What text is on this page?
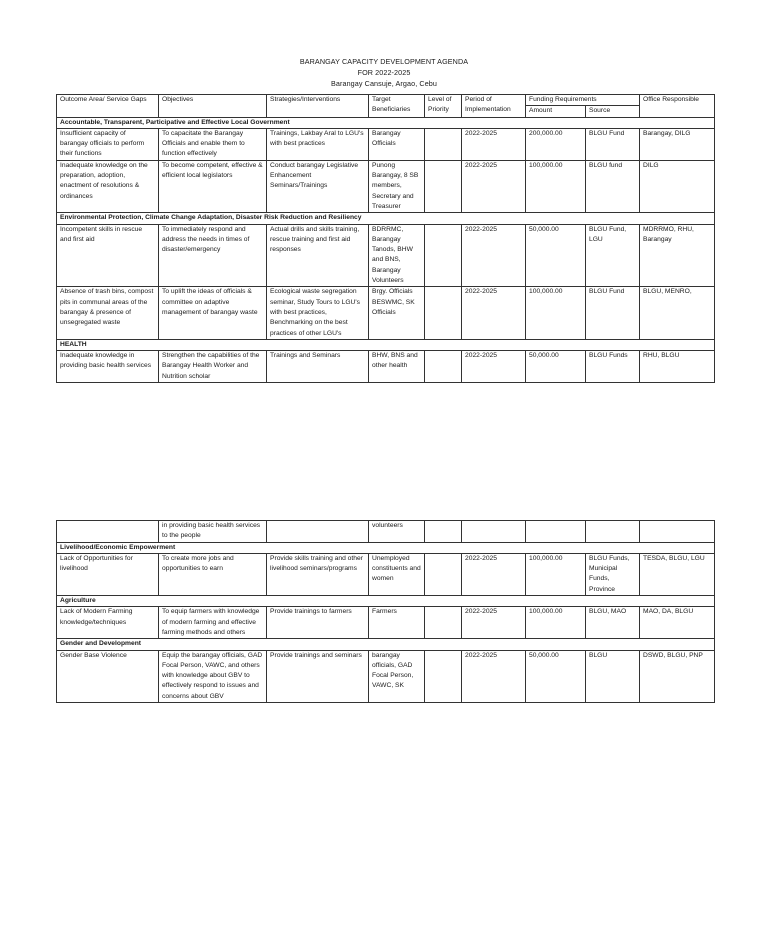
BARANGAY CAPACITY DEVELOPMENT AGENDA
FOR 2022-2025
Barangay Cansuje, Argao, Cebu
Outcome Area/ Service Gaps	Objectives	Strategies/Interventions	Target Beneficiaries	Level of Priority	Period of Implementation	Funding Requirements		Office Responsible
						Amount	Source	
Accountable, Transparent, Participative and Effective Local Government								
Insufficient capacity of barangay officials to perform their functions	To capacitate the Barangay Officials and enable them to function effectively	Trainings, Lakbay Aral to LGU's with best practices	Barangay Officials		2022-2025	200,000.00	BLGU Fund	Barangay, DILG
Inadequate knowledge on the preparation, adoption, enactment of resolutions & ordinances	To become competent, effective & efficient local legislators	Conduct barangay Legislative Enhancement Seminars/Trainings	Punong Barangay, 8 SB members, Secretary and Treasurer		2022-2025	100,000.00	BLGU fund	DILG
Environmental Protection, Climate Change Adaptation, Disaster Risk Reduction and Resiliency								
Incompetent skills in rescue and first aid	To immediately respond and address the needs in times of disaster/emergency	Actual drills and skills training, rescue training and first aid responses	BDRRMC, Barangay Tanods, BHW and BNS, Barangay Volunteers		2022-2025	50,000.00	BLGU Fund, LGU	MDRRMO, RHU, Barangay
Absence of trash bins, compost pits in communal areas of the barangay & presence of unsegregated waste	To uplift the ideas of officials & committee on adaptive management of barangay waste	Ecological waste segregation seminar, Study Tours to LGU's with best practices, Benchmarking on the best practices of other LGU's	Brgy. Officials BESWMC, SK Officials		2022-2025	100,000.00	BLGU Fund	BLGU, MENRO,
HEALTH								
Inadequate knowledge in providing basic health services	Strengthen the capabilities of the Barangay Health Worker and Nutrition scholar	Trainings and Seminars	BHW, BNS and other health		2022-2025	50,000.00	BLGU Funds	RHU, BLGU
	in providing basic health services to the people		volunteers					
Livelihood/Economic Empowerment								
Lack of Opportunities for livelihood	To create more jobs and opportunities to earn	Provide skills training and other livelihood seminars/programs	Unemployed constituents and women		2022-2025	100,000.00	BLGU Funds, Municipal Funds, Province	TESDA, BLGU, LGU
Agriculture								
Lack of Modern Farming knowledge/techniques	To equip farmers with knowledge of modern farming and effective farming methods and others	Provide trainings to farmers	Farmers		2022-2025	100,000.00	BLGU, MAO	MAO, DA, BLGU
Gender and Development								
Gender Base Violence	Equip the barangay officials, GAD Focal Person, VAWC, and others with knowledge about GBV to effectively respond to issues and concerns about GBV	Provide trainings and seminars	barangay officials, GAD Focal Person, VAWC, SK		2022-2025	50,000.00	BLGU	DSWD, BLGU, PNP
